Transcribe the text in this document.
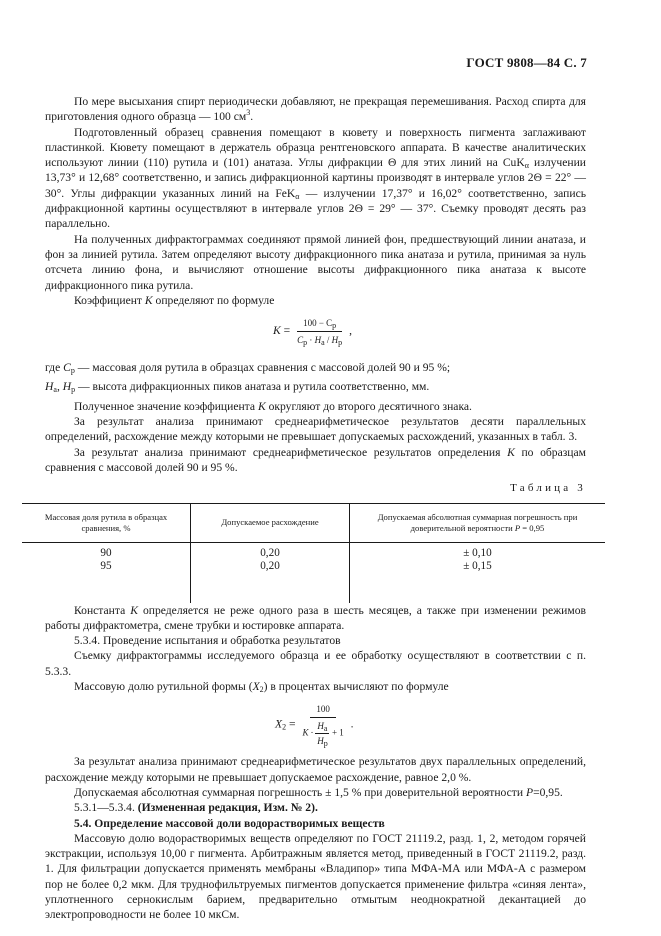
ГОСТ 9808—84 С. 7

По мере высыхания спирт периодически добавляют, не прекращая перемешивания. Расход спирта для приготовления одного образца — 100 $см^3$.

Подготовленный образец сравнения помещают в кювету и поверхность пигмента заглаживают пластинкой. Кювету помещают в держатель образца рентгеновского аппарата. В качестве аналитических используют линии (110) рутила и (101) анатаза. Углы дифракции Θ для этих линий на CuK$_\alpha$ излучении 13,73° и 12,68° соответственно, и запись дифракционной картины производят в интервале углов 2Θ = 22° — 30°. Углы дифракции указанных линий на FeK$_\alpha$ — излучении 17,37° и 16,02° соответственно, запись дифракционной картины осуществляют в интервале углов 2Θ = 29° — 37°. Съемку проводят десять раз параллельно.

На полученных дифрактограммах соединяют прямой линией фон, предшествующий линии анатаза, и фон за линией рутила. Затем определяют высоту дифракционного пика анатаза и рутила, принимая за нуль отсчета линию фона, и вычисляют отношение высоты дифракционного пика анатаза к высоте дифракционного пика рутила.

Коэффициент K определяют по формуле

$K = \frac{100 - C_р}{C_р \cdot H_а / H_р}$ ,

где $C_р$ — массовая доля рутила в образцах сравнения с массовой долей 90 и 95 %;

$H_а$, $H_р$ — высота дифракционных пиков анатаза и рутила соответственно, мм.

Полученное значение коэффициента K округляют до второго десятичного знака.

За результат анализа принимают среднеарифметическое результатов десяти параллельных определений, расхождение между которыми не превышает допускаемых расхождений, указанных в табл. 3.

За результат анализа принимают среднеарифметическое результатов определения K по образцам сравнения с массовой долей 90 и 95 %.

Таблица 3
Массовая доля рутила в образцах сравнения, %	Допускаемое расхождение	Допускаемая абсолютная суммарная погрешность при доверительной вероятности P = 0,95
90	0,20	± 0,10
95	0,20	± 0,15

Константа K определяется не реже одного раза в шесть месяцев, а также при изменении режимов работы дифрактометра, смене трубки и юстировке аппарата.

5.3.4. Проведение испытания и обработка результатов

Съемку дифрактограммы исследуемого образца и ее обработку осуществляют в соответствии с п. 5.3.3.

Массовую долю рутильной формы $(X_2)$ в процентах вычисляют по формуле

$X_2 = \frac{100}{K \cdot \frac{H_а}{H_р} + 1}$ .

За результат анализа принимают среднеарифметическое результатов двух параллельных определений, расхождение между которыми не превышает допускаемое расхождение, равное 2,0 %.

Допускаемая абсолютная суммарная погрешность ± 1,5 % при доверительной вероятности P=0,95.

5.3.1—5.3.4. (Измененная редакция, Изм. № 2).

5.4. Определение массовой доли водорастворимых веществ

Массовую долю водорастворимых веществ определяют по ГОСТ 21119.2, разд. 1, 2, методом горячей экстракции, используя 10,00 г пигмента. Арбитражным является метод, приведенный в ГОСТ 21119.2, разд. 1. Для фильтрации допускается применять мембраны «Владипор» типа МФА-МА или МФА-А с размером пор не более 0,2 мкм. Для труднофильтруемых пигментов допускается применение фильтра «синяя лента», уплотненного сернокислым барием, предварительно отмытым неоднократной декантацией до электропроводности не более 10 мкСм.
